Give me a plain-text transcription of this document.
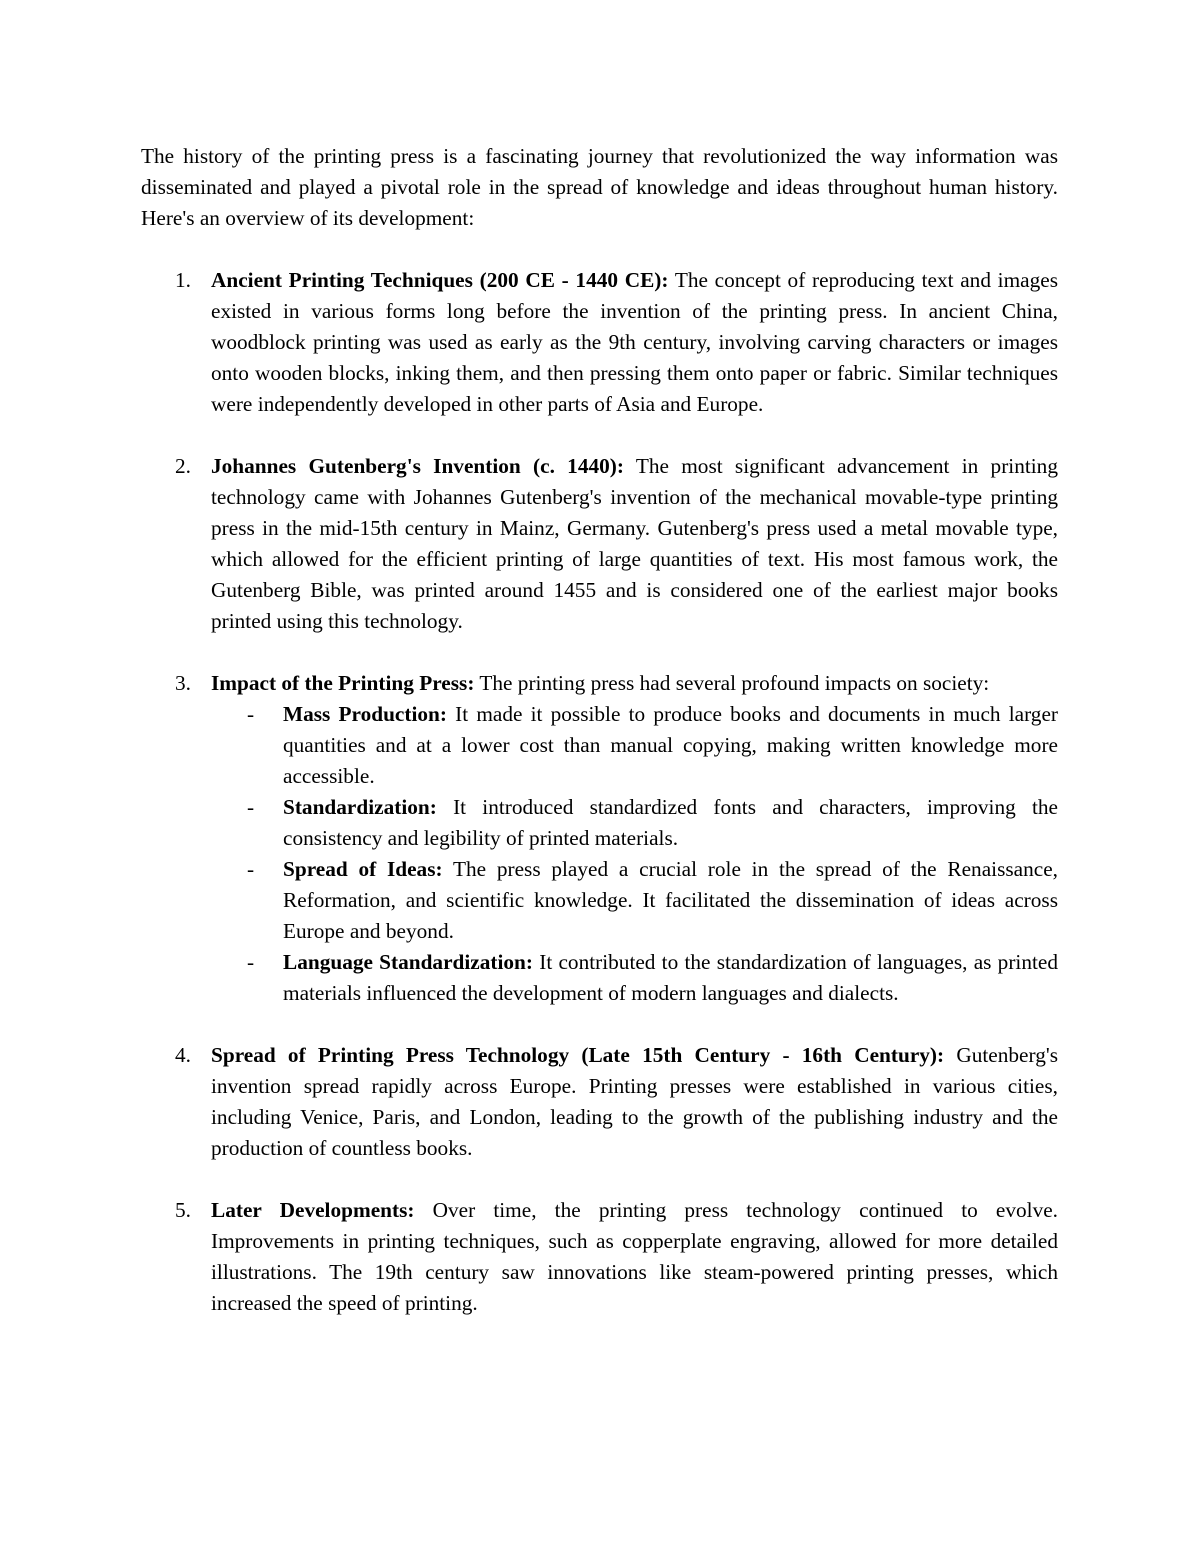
The history of the printing press is a fascinating journey that revolutionized the way information was disseminated and played a pivotal role in the spread of knowledge and ideas throughout human history. Here's an overview of its development:

1. Ancient Printing Techniques (200 CE - 1440 CE): The concept of reproducing text and images existed in various forms long before the invention of the printing press. In ancient China, woodblock printing was used as early as the 9th century, involving carving characters or images onto wooden blocks, inking them, and then pressing them onto paper or fabric. Similar techniques were independently developed in other parts of Asia and Europe.
2. Johannes Gutenberg's Invention (c. 1440): The most significant advancement in printing technology came with Johannes Gutenberg's invention of the mechanical movable-type printing press in the mid-15th century in Mainz, Germany. Gutenberg's press used a metal movable type, which allowed for the efficient printing of large quantities of text. His most famous work, the Gutenberg Bible, was printed around 1455 and is considered one of the earliest major books printed using this technology.
3. Impact of the Printing Press: The printing press had several profound impacts on society:
- Mass Production: It made it possible to produce books and documents in much larger quantities and at a lower cost than manual copying, making written knowledge more accessible.
- Standardization: It introduced standardized fonts and characters, improving the consistency and legibility of printed materials.
- Spread of Ideas: The press played a crucial role in the spread of the Renaissance, Reformation, and scientific knowledge. It facilitated the dissemination of ideas across Europe and beyond.
- Language Standardization: It contributed to the standardization of languages, as printed materials influenced the development of modern languages and dialects.
4. Spread of Printing Press Technology (Late 15th Century - 16th Century): Gutenberg's invention spread rapidly across Europe. Printing presses were established in various cities, including Venice, Paris, and London, leading to the growth of the publishing industry and the production of countless books.
5. Later Developments: Over time, the printing press technology continued to evolve. Improvements in printing techniques, such as copperplate engraving, allowed for more detailed illustrations. The 19th century saw innovations like steam-powered printing presses, which increased the speed of printing.
